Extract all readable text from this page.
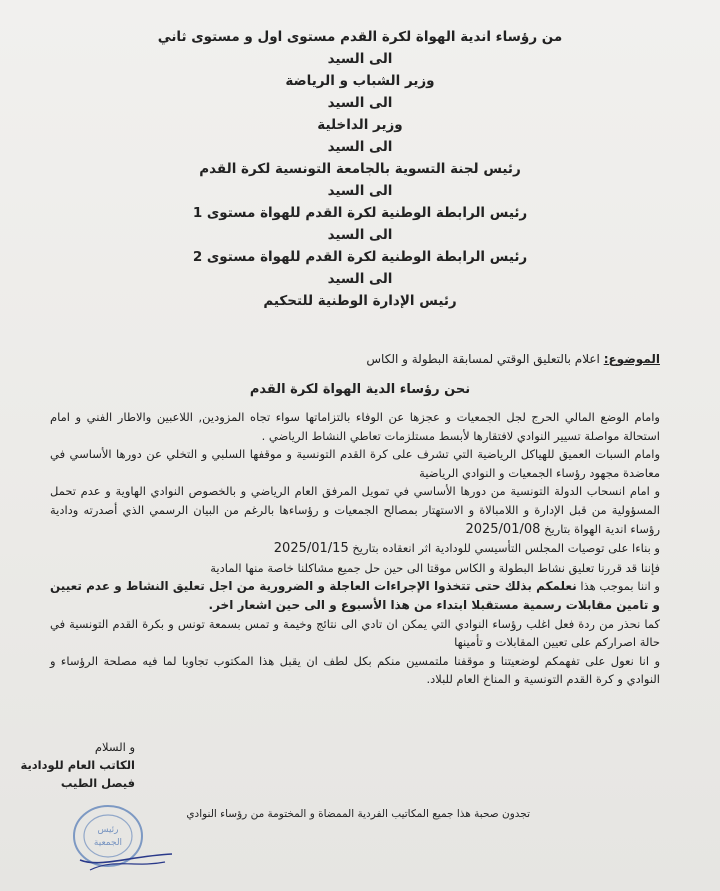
من رؤساء اندية الهواة لكرة القدم مستوى اول و مستوى ثاني
الى السيد
وزير الشباب و الرياضة
الى السيد
وزير الداخلية
الى السيد
رئيس لجنة التسوية بالجامعة التونسية لكرة القدم
الى السيد
رئيس الرابطة الوطنية لكرة القدم للهواة مستوى 1
الى السيد
رئيس الرابطة الوطنية لكرة القدم للهواة مستوى 2
الى السيد
رئيس الإدارة الوطنية للتحكيم
الموضوع: اعلام بالتعليق الوقتي لمسابقة البطولة و الكاس
نحن رؤساء الدية الهواة لكرة القدم

وامام الوضع المالي الحرج لجل الجمعيات و عجزها عن الوفاء بالتزاماتها سواء تجاه المزودين, اللاعبين والاطار الفني و امام استحالة مواصلة تسيير النوادي لافتقارها لأبسط مستلزمات تعاطي النشاط الرياضي .

وامام السبات العميق للهياكل الرياضية التي تشرف على كرة القدم التونسية و موقفها السلبي و التخلي عن دورها الأساسي في معاضدة مجهود رؤساء الجمعيات و النوادي الرياضية

و امام انسحاب الدولة التونسية من دورها الأساسي في تمويل المرفق العام الرياضي و بالخصوص النوادي الهاوية و عدم تحمل المسؤولية من قبل الإدارة و اللامبالاة و الاستهتار بمصالح الجمعيات و رؤساءها بالرغم من البيان الرسمي الذي أصدرته ودادية رؤساء اندية الهواة بتاريخ 2025/01/08

و بناءا على توصيات المجلس التأسيسي للودادية اثر انعقاده بتاريخ 2025/01/15

فإننا قد قررنا تعليق نشاط البطولة و الكاس موقتا الى حين حل جميع مشاكلنا خاصة منها المادية

و اننا بموجب هذا نعلمكم بذلك حتى تتخذوا الإجراءات العاجلة و الضرورية من اجل تعليق النشاط و عدم تعيين و تامين مقابلات رسمية مستقبلا ابتداء من هذا الأسبوع و الى حين اشعار اخر.

كما نحذر من ردة فعل اغلب رؤساء النوادي التي يمكن ان تادي الى نتائج وخيمة و تمس بسمعة تونس و بكرة القدم التونسية في حالة اصراركم على تعيين المقابلات و تأمينها

و انا نعول على تفهمكم لوضعيتنا و موقفنا ملتمسين منكم بكل لطف ان يقبل هذا المكتوب تجاوبا لما فيه مصلحة الرؤساء و النوادي و كرة القدم التونسية و المناخ العام للبلاد.

و السلام
الكاتب العام للودادية
فيصل الطيب
تجدون صحبة هذا جميع المكاتيب الفردية الممضاة و المختومة من رؤساء النوادي
رئيس
الجمعية
